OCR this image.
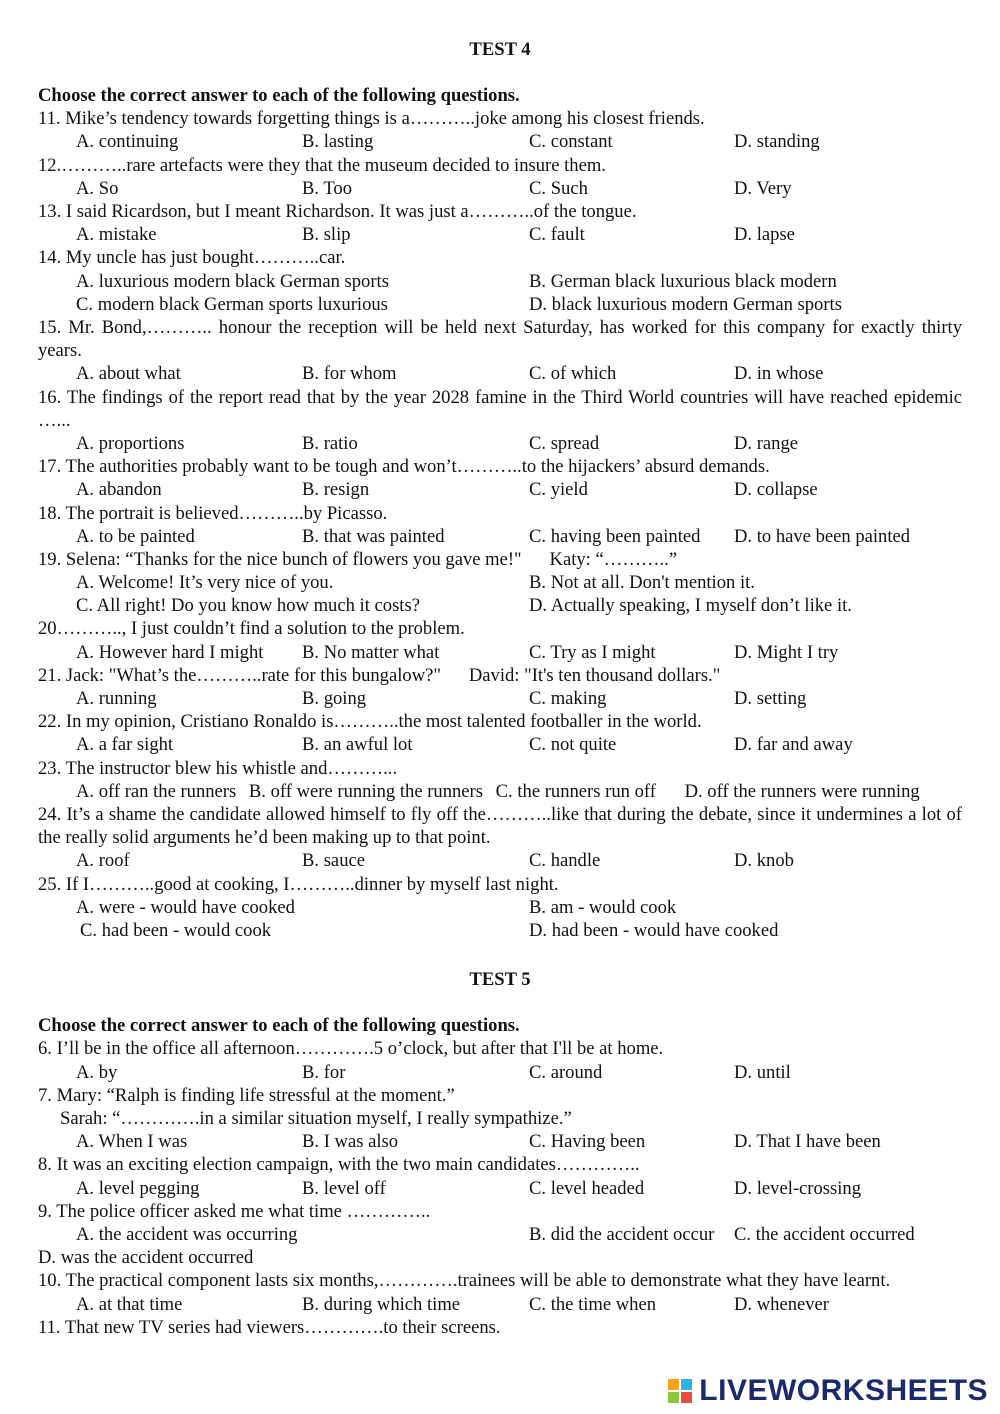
TEST 4
Choose the correct answer to each of the following questions.
11. Mike’s tendency towards forgetting things is a………..joke among his closest friends.
A. continuing	B. lasting	C. constant	D. standing
12.………..rare artefacts were they that the museum decided to insure them.
A. So	B. Too	C. Such	D. Very
13. I said Ricardson, but I meant Richardson. It was just a………..of the tongue.
A. mistake	B. slip	C. fault	D. lapse
14. My uncle has just bought………..car.
A. luxurious modern black German sports	B. German black luxurious black modern
C. modern black German sports luxurious	D. black luxurious modern German sports
15. Mr. Bond,……….. honour the reception will be held next Saturday, has worked for this company for exactly thirty years.
A. about what	B. for whom	C. of which	D. in whose
16. The findings of the report read that by the year 2028 famine in the Third World countries will have reached epidemic …...
A. proportions	B. ratio	C. spread	D. range
17. The authorities probably want to be tough and won’t………..to the hijackers’ absurd demands.
A. abandon	B. resign	C. yield	D. collapse
18. The portrait is believed………..by Picasso.
A. to be painted	B. that was painted	C. having been painted D. to have been painted
19. Selena: “Thanks for the nice bunch of flowers you gave me!"      Katy: “………..”
A. Welcome! It’s very nice of you.	B. Not at all. Don't mention it.
C. All right! Do you know how much it costs?	D. Actually speaking, I myself don’t like it.
20……….., I just couldn’t find a solution to the problem.
A. However hard I might B. No matter what	C. Try as I might	D. Might I try
21. Jack: "What’s the………..rate for this bungalow?"      David: "It's ten thousand dollars."
A. running	B. going	C. making	D. setting
22. In my opinion, Cristiano Ronaldo is………..the most talented footballer in the world.
A. a far sight	B. an awful lot	C. not quite	D. far and away
23. The instructor blew his whistle and………...
A. off ran the runners B. off were running the runners C. the runners run off D. off the runners were running
24. It’s a shame the candidate allowed himself to fly off the………..like that during the debate, since it undermines a lot of the really solid arguments he’d been making up to that point.
A. roof	B. sauce	C. handle	D. knob
25. If I………..good at cooking, I………..dinner by myself last night.
A. were - would have cooked	B. am - would cook
C. had been - would cook	D. had been - would have cooked
TEST 5
Choose the correct answer to each of the following questions.
6. I’ll be in the office all afternoon………….5 o’clock, but after that I'll be at home.
A. by	B. for	C. around	D. until
7. Mary: “Ralph is finding life stressful at the moment.”
Sarah: “………….in a similar situation myself, I really sympathize.”
A. When I was	B. I was also	C. Having been	D. That I have been
8. It was an exciting election campaign, with the two main candidates…………..
A. level pegging	B. level off	C. level headed	D. level-crossing
9. The police officer asked me what time …………..
A. the accident was occurring	B. did the accident occur C. the accident occurred
D. was the accident occurred
10. The practical component lasts six months,………….trainees will be able to demonstrate what they have learnt.
A. at that time	B. during which time	C. the time when	D. whenever
11. That new TV series had viewers………….to their screens.
LIVEWORKSHEETS
